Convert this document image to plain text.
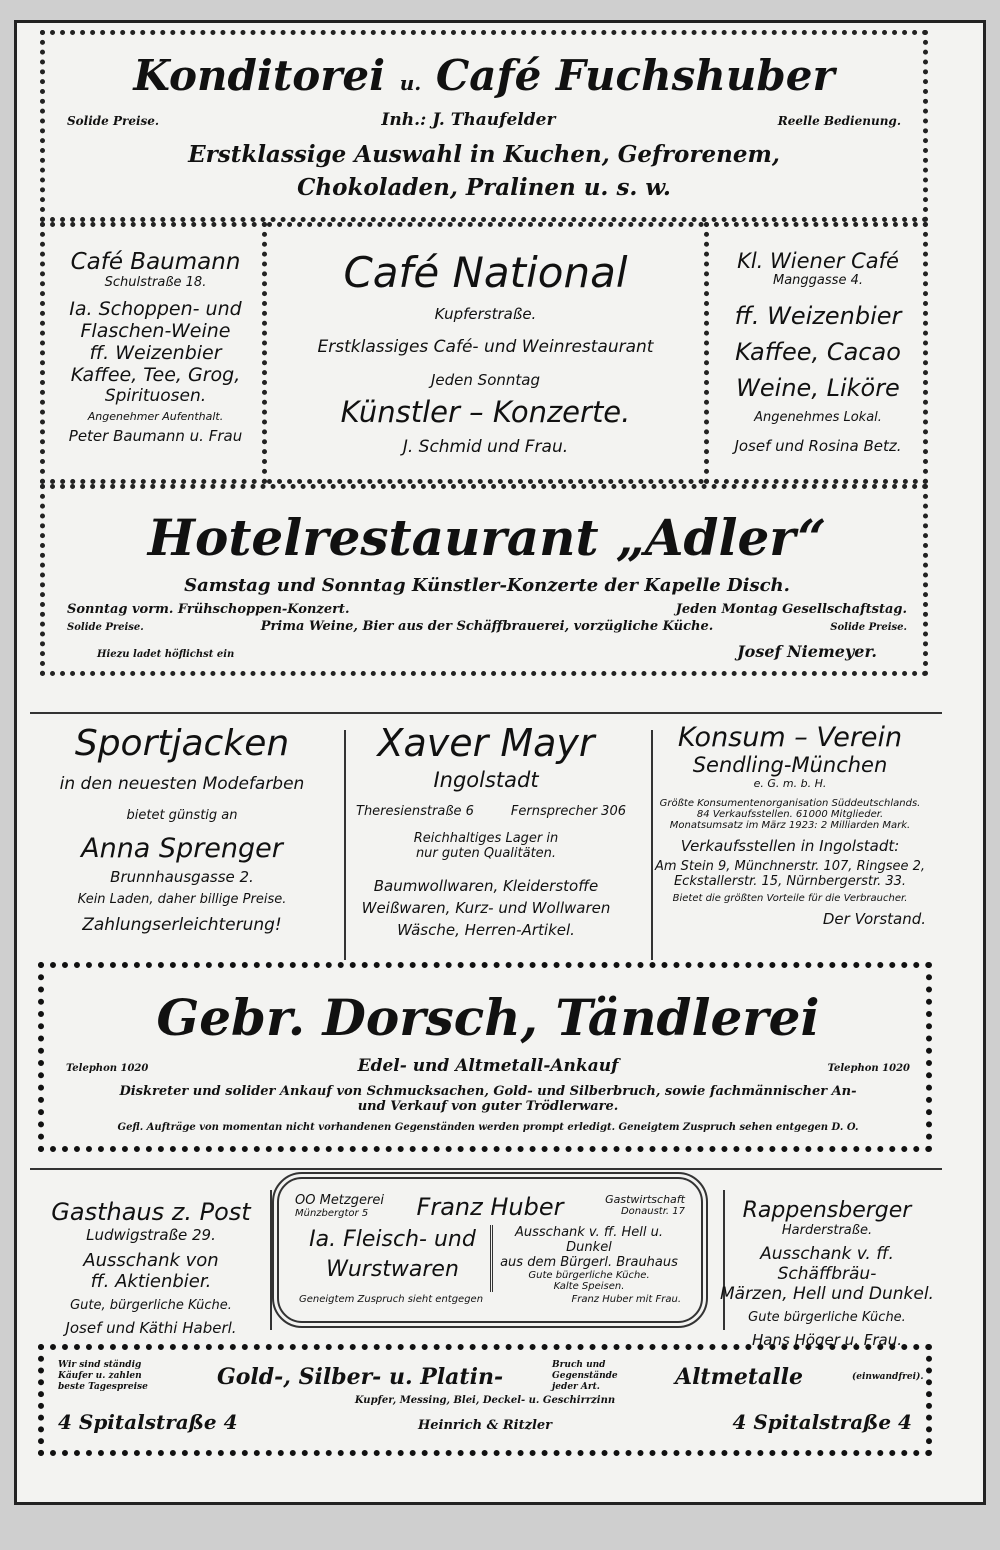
Konditorei u. Café Fuchshuber
Solide Preise.	Inh.: J. Thaufelder	Reelle Bedienung.
Erstklassige Auswahl in Kuchen, Gefrorenem,
Chokoladen, Pralinen u. s. w.
Café Baumann
Schulstraße 18.
Ia. Schoppen- und
Flaschen-Weine
ff. Weizenbier
Kaffee, Tee, Grog,
Spirituosen.
Angenehmer Aufenthalt.
Peter Baumann u. Frau
Café National
Kupferstraße.
Erstklassiges Café- und Weinrestaurant
Jeden Sonntag
Künstler – Konzerte.
J. Schmid und Frau.
Kl. Wiener Café
Manggasse 4.
ff. Weizenbier
Kaffee, Cacao
Weine, Liköre
Angenehmes Lokal.
Josef und Rosina Betz.
Hotelrestaurant „Adler“
Samstag und Sonntag Künstler-Konzerte der Kapelle Disch.
Sonntag vorm. Frühschoppen-Konzert.	Jeden Montag Gesellschaftstag.
Solide Preise.	Prima Weine, Bier aus der Schäffbrauerei, vorzügliche Küche.	Solide Preise.
Hiezu ladet höflichst ein	Josef Niemeyer.
Sportjacken
in den neuesten Modefarben
bietet günstig an
Anna Sprenger
Brunnhausgasse 2.
Kein Laden, daher billige Preise.
Zahlungserleichterung!
Xaver Mayr
Ingolstadt
Theresienstraße 6	Fernsprecher 306
Reichhaltiges Lager in
nur guten Qualitäten.
Baumwollwaren, Kleiderstoffe
Weißwaren, Kurz- und Wollwaren
Wäsche, Herren-Artikel.
Konsum – Verein
Sendling-München
e. G. m. b. H.
Größte Konsumentenorganisation Süddeutschlands.
84 Verkaufsstellen. 61000 Mitglieder.
Monatsumsatz im März 1923: 2 Milliarden Mark.
Verkaufsstellen in Ingolstadt:
Am Stein 9, Münchnerstr. 107, Ringsee 2,
Eckstallerstr. 15, Nürnbergerstr. 33.
Bietet die größten Vorteile für die Verbraucher.
Der Vorstand.
Gebr. Dorsch, Tändlerei
Telephon 1020	Edel- und Altmetall-Ankauf	Telephon 1020
Diskreter und solider Ankauf von Schmucksachen, Gold- und Silberbruch, sowie fachmännischer An-
und Verkauf von guter Trödlerware.
Gefl. Aufträge von momentan nicht vorhandenen Gegenständen werden prompt erledigt. Geneigtem Zuspruch sehen entgegen D. O.
Gasthaus z. Post
Ludwigstraße 29.
Ausschank von
ff. Aktienbier.
Gute, bürgerliche Küche.
Josef und Käthi Haberl.
OO Metzgerei
Münzbergtor 5	Franz Huber	Gastwirtschaft
Donaustr. 17
Ia. Fleisch- und
Wurstwaren
Ausschank v. ff. Hell u. Dunkel
aus dem Bürgerl. Brauhaus
Gute bürgerliche Küche.
Kalte Speisen.
Geneigtem Zuspruch sieht entgegen	Franz Huber mit Frau.
Rappensberger
Harderstraße.
Ausschank v. ff. Schäffbräu-
Märzen, Hell und Dunkel.
Gute bürgerliche Küche.
Hans Höger u. Frau.
Wir sind ständig Käufer u. zahlen beste Tagespreise	Gold-, Silber- u. Platin-	Bruch und Gegenstände jeder Art.	Altmetalle	(einwandfrei).
Kupfer, Messing, Blei, Deckel- u. Geschirrzinn
4 Spitalstraße 4	Heinrich & Ritzler	4 Spitalstraße 4
